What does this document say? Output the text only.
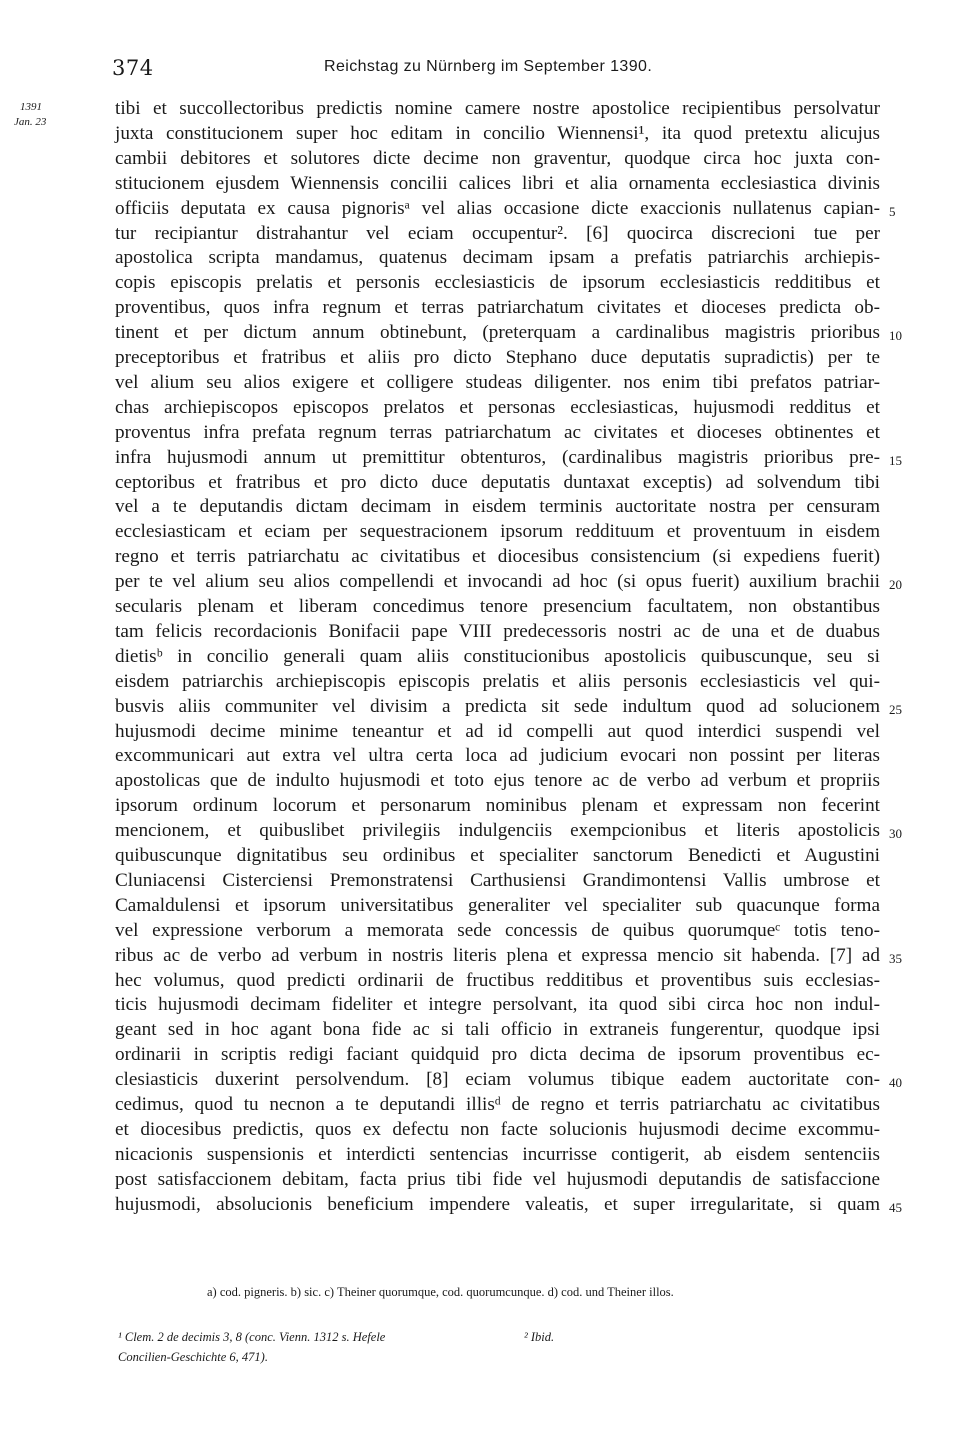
374	Reichstag zu Nürnberg im September 1390.
1391
Jan. 23
tibi et succollectoribus predictis nomine camere nostre apostolice recipientibus persolvatur
juxta constitucionem super hoc editam in concilio Wiennensi¹, ita quod pretextu alicujus
cambii debitores et solutores dicte decime non graventur, quodque circa hoc juxta con-
stitucionem ejusdem Wiennensis concilii calices libri et alia ornamenta ecclesiastica divinis
officiis deputata ex causa pignorisᵃ vel alias occasione dicte exaccionis nullatenus capian- 5
tur recipiantur distrahantur vel eciam occupentur². [6] quocirca discrecioni tue per
apostolica scripta mandamus, quatenus decimam ipsam a prefatis patriarchis archiepis-
copis episcopis prelatis et personis ecclesiasticis de ipsorum ecclesiasticis redditibus et
proventibus, quos infra regnum et terras patriarchatum civitates et dioceses predicta ob-
tinent et per dictum annum obtinebunt, (preterquam a cardinalibus magistris prioribus 10
preceptoribus et fratribus et aliis pro dicto Stephano duce deputatis supradictis) per te
vel alium seu alios exigere et colligere studeas diligenter. nos enim tibi prefatos patriar-
chas archiepiscopos episcopos prelatos et personas ecclesiasticas, hujusmodi redditus et
proventus infra prefata regnum terras patriarchatum ac civitates et dioceses obtinentes et
infra hujusmodi annum ut premittitur obtenturos, (cardinalibus magistris prioribus pre- 15
ceptoribus et fratribus et pro dicto duce deputatis duntaxat exceptis) ad solvendum tibi
vel a te deputandis dictam decimam in eisdem terminis auctoritate nostra per censuram
ecclesiasticam et eciam per sequestracionem ipsorum reddituum et proventuum in eisdem
regno et terris patriarchatu ac civitatibus et diocesibus consistencium (si expediens fuerit)
per te vel alium seu alios compellendi et invocandi ad hoc (si opus fuerit) auxilium brachii 20
secularis plenam et liberam concedimus tenore presencium facultatem, non obstantibus
tam felicis recordacionis Bonifacii pape VIII predecessoris nostri ac de una et de duabus
dietisᵇ in concilio generali quam aliis constitucionibus apostolicis quibuscunque, seu si
eisdem patriarchis archiepiscopis episcopis prelatis et aliis personis ecclesiasticis vel qui-
busvis aliis communiter vel divisim a predicta sit sede indultum quod ad solucionem 25
hujusmodi decime minime teneantur et ad id compelli aut quod interdici suspendi vel
excommunicari aut extra vel ultra certa loca ad judicium evocari non possint per literas
apostolicas que de indulto hujusmodi et toto ejus tenore ac de verbo ad verbum et propriis
ipsorum ordinum locorum et personarum nominibus plenam et expressam non fecerint
mencionem, et quibuslibet privilegiis indulgenciis exempcionibus et literis apostolicis 30
quibuscunque dignitatibus seu ordinibus et specialiter sanctorum Benedicti et Augustini
Cluniacensi Cisterciensi Premonstratensi Carthusiensi Grandimontensi Vallis umbrose et
Camaldulensi et ipsorum universitatibus generaliter vel specialiter sub quacunque forma
vel expressione verborum a memorata sede concessis de quibus quorumqueᶜ totis teno-
ribus ac de verbo ad verbum in nostris literis plena et expressa mencio sit habenda. [7] ad 35
hec volumus, quod predicti ordinarii de fructibus redditibus et proventibus suis ecclesias-
ticis hujusmodi decimam fideliter et integre persolvant, ita quod sibi circa hoc non indul-
geant sed in hoc agant bona fide ac si tali officio in extraneis fungerentur, quodque ipsi
ordinarii in scriptis redigi faciant quidquid pro dicta decima de ipsorum proventibus ec-
clesiasticis duxerint persolvendum. [8] eciam volumus tibique eadem auctoritate con- 40
cedimus, quod tu necnon a te deputandi illisᵈ de regno et terris patriarchatu ac civitatibus
et diocesibus predictis, quos ex defectu non facte solucionis hujusmodi decime excommu-
nicacionis suspensionis et interdicti sentencias incurrisse contigerit, ab eisdem sentenciis
post satisfaccionem debitam, facta prius tibi fide vel hujusmodi deputandis de satisfaccione
hujusmodi, absolucionis beneficium impendere valeatis, et super irregularitate, si quam 45
a) cod. pigneris. b) sic. c) Theiner quorumque, cod. quorumcunque. d) cod. und Theiner illos.
¹ Clem. 2 de decimis 3, 8 (conc. Vienn. 1312 s. Hefele
Concilien-Geschichte 6, 471).
² Ibid.
